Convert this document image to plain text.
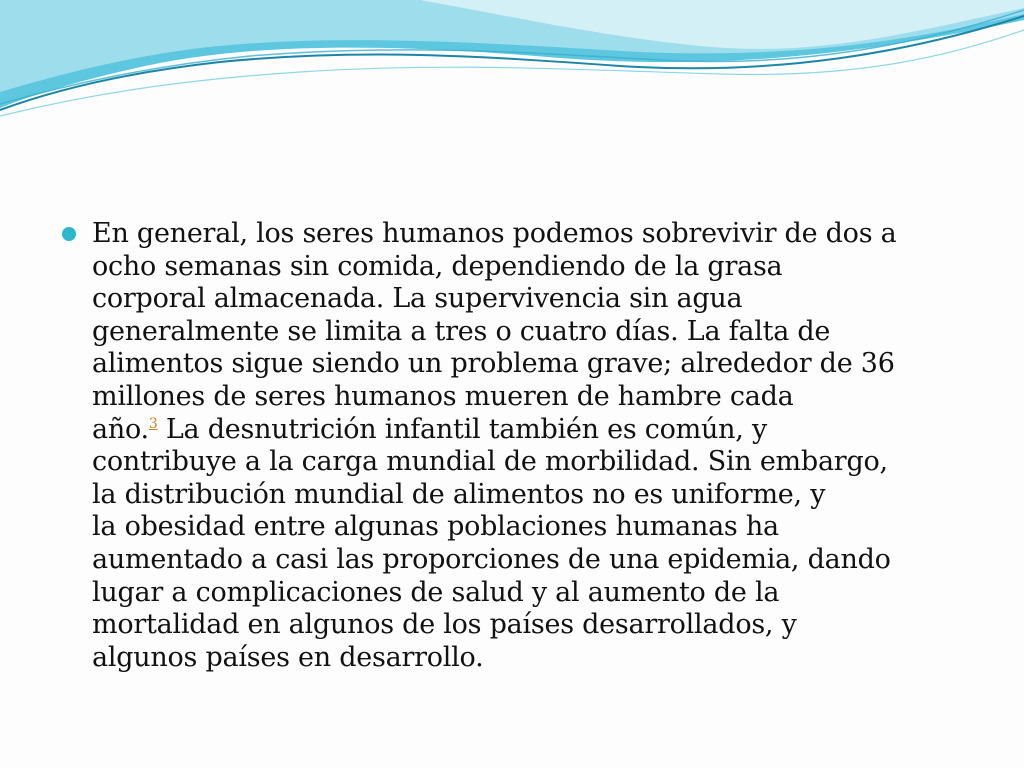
En general, los seres humanos podemos sobrevivir de dos a
ocho semanas sin comida, dependiendo de la grasa
corporal almacenada. La supervivencia sin agua
generalmente se limita a tres o cuatro días. La falta de
alimentos sigue siendo un problema grave; alrededor de 36
millones de seres humanos mueren de hambre cada
año.$^3$ La desnutrición infantil también es común, y
contribuye a la carga mundial de morbilidad. Sin embargo,
la distribución mundial de alimentos no es uniforme, y
la obesidad entre algunas poblaciones humanas ha
aumentado a casi las proporciones de una epidemia, dando
lugar a complicaciones de salud y al aumento de la
mortalidad en algunos de los países desarrollados, y
algunos países en desarrollo.
